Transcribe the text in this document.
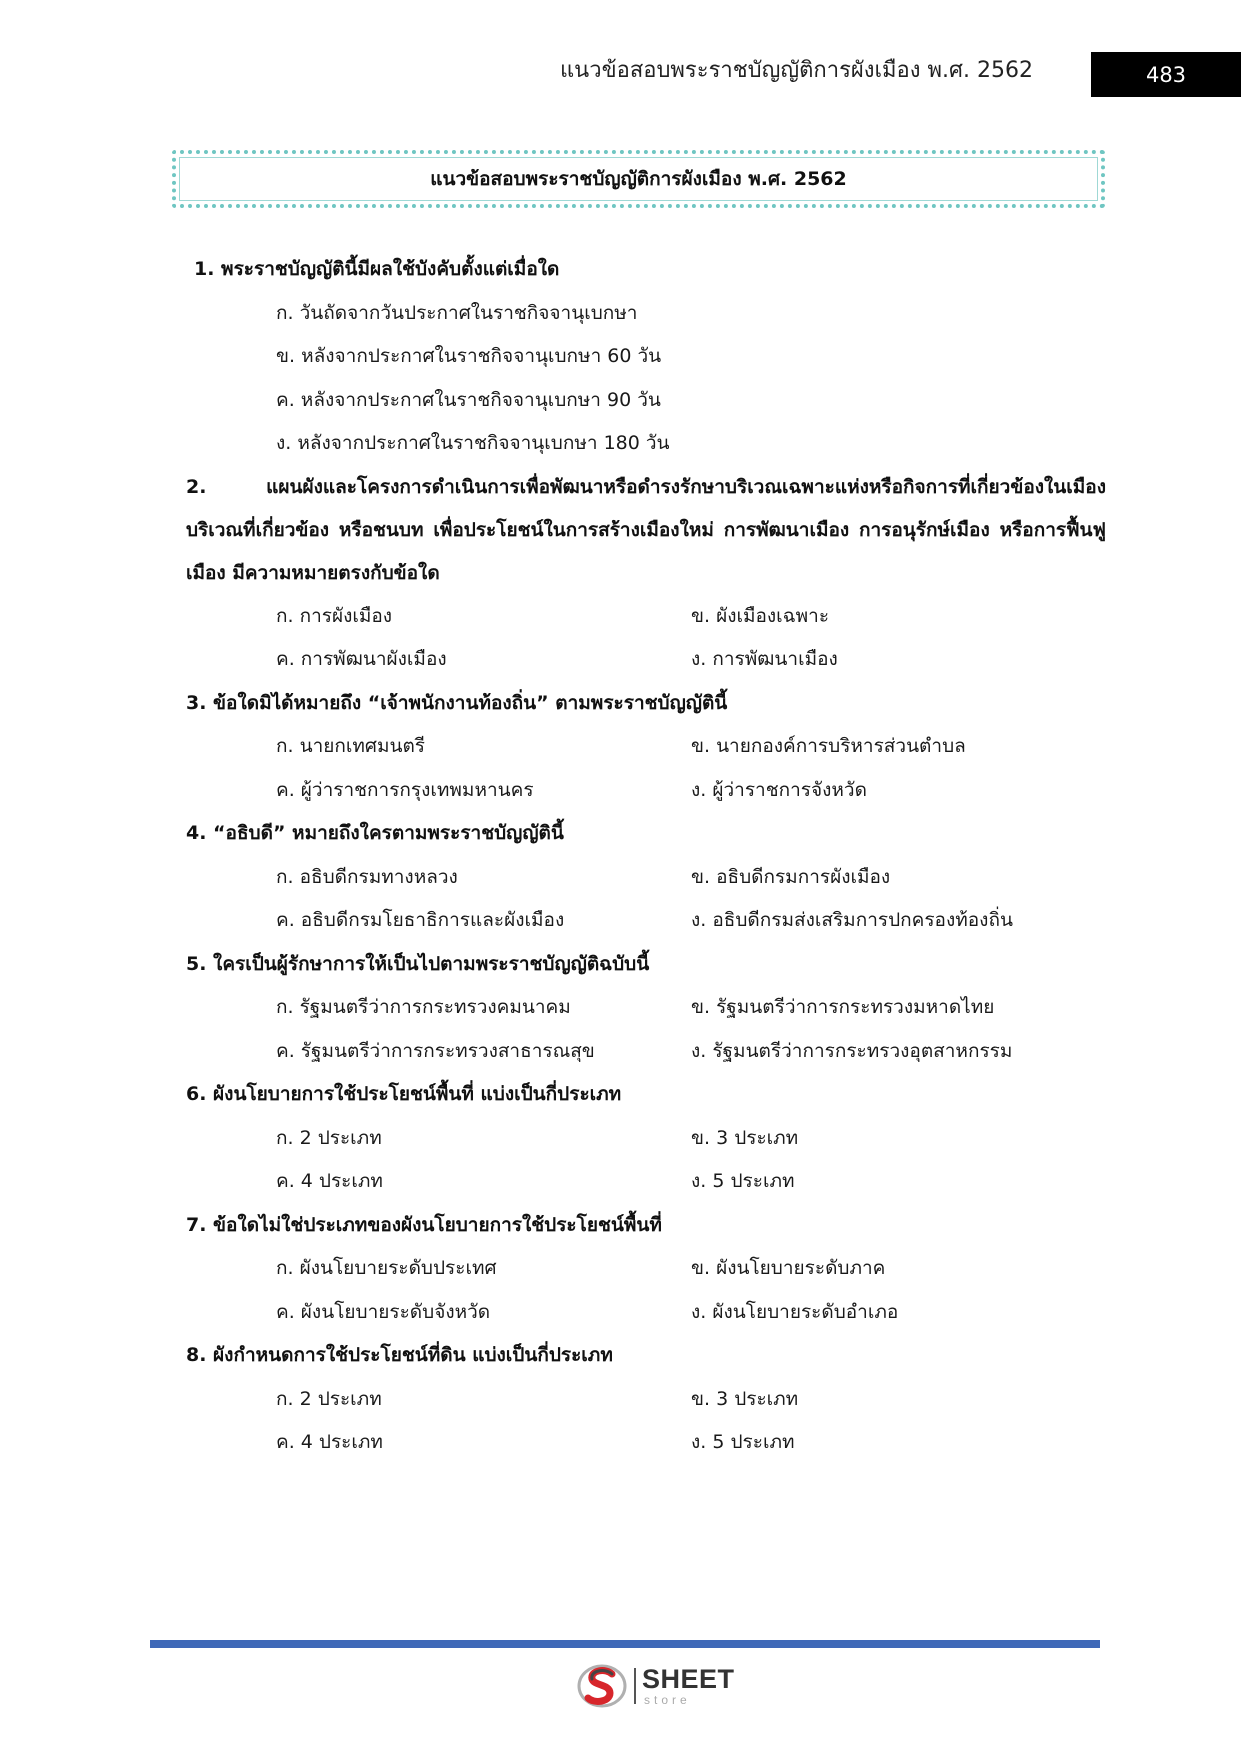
แนวข้อสอบพระราชบัญญัติการผังเมือง พ.ศ. 2562	483
แนวข้อสอบพระราชบัญญัติการผังเมือง พ.ศ. 2562
1. พระราชบัญญัตินี้มีผลใช้บังคับตั้งแต่เมื่อใด
ก. วันถัดจากวันประกาศในราชกิจจานุเบกษา
ข. หลังจากประกาศในราชกิจจานุเบกษา 60 วัน
ค. หลังจากประกาศในราชกิจจานุเบกษา 90 วัน
ง. หลังจากประกาศในราชกิจจานุเบกษา 180 วัน
2. แผนผังและโครงการดำเนินการเพื่อพัฒนาหรือดำรงรักษาบริเวณเฉพาะแห่งหรือกิจการที่เกี่ยวข้องในเมือง บริเวณที่เกี่ยวข้อง หรือชนบท เพื่อประโยชน์ในการสร้างเมืองใหม่ การพัฒนาเมือง การอนุรักษ์เมือง หรือการฟื้นฟูเมือง มีความหมายตรงกับข้อใด
ก. การผังเมือง	ข. ผังเมืองเฉพาะ
ค. การพัฒนาผังเมือง	ง. การพัฒนาเมือง
3. ข้อใดมิได้หมายถึง “เจ้าพนักงานท้องถิ่น” ตามพระราชบัญญัตินี้
ก. นายกเทศมนตรี	ข. นายกองค์การบริหารส่วนตำบล
ค. ผู้ว่าราชการกรุงเทพมหานคร	ง. ผู้ว่าราชการจังหวัด
4. “อธิบดี” หมายถึงใครตามพระราชบัญญัตินี้
ก. อธิบดีกรมทางหลวง	ข. อธิบดีกรมการผังเมือง
ค. อธิบดีกรมโยธาธิการและผังเมือง	ง. อธิบดีกรมส่งเสริมการปกครองท้องถิ่น
5. ใครเป็นผู้รักษาการให้เป็นไปตามพระราชบัญญัติฉบับนี้
ก. รัฐมนตรีว่าการกระทรวงคมนาคม	ข. รัฐมนตรีว่าการกระทรวงมหาดไทย
ค. รัฐมนตรีว่าการกระทรวงสาธารณสุข	ง. รัฐมนตรีว่าการกระทรวงอุตสาหกรรม
6. ผังนโยบายการใช้ประโยชน์พื้นที่ แบ่งเป็นกี่ประเภท
ก. 2 ประเภท	ข. 3 ประเภท
ค. 4 ประเภท	ง. 5 ประเภท
7. ข้อใดไม่ใช่ประเภทของผังนโยบายการใช้ประโยชน์พื้นที่
ก. ผังนโยบายระดับประเทศ	ข. ผังนโยบายระดับภาค
ค. ผังนโยบายระดับจังหวัด	ง. ผังนโยบายระดับอำเภอ
8. ผังกำหนดการใช้ประโยชน์ที่ดิน แบ่งเป็นกี่ประเภท
ก. 2 ประเภท	ข. 3 ประเภท
ค. 4 ประเภท	ง. 5 ประเภท
SHEET
store
